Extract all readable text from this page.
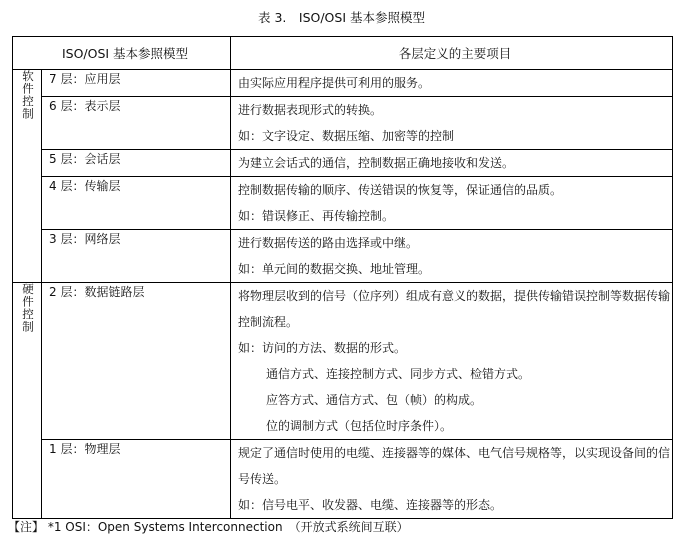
表 3.　ISO/OSI 基本参照模型
ISO/OSI 基本参照模型		各层定义的主要项目
软件控制	7 层：应用层	由实际应用程序提供可利用的服务。

	6 层：表示层	进行数据表现形式的转换。
如：文字设定、数据压缩、加密等的控制

	5 层：会话层	为建立会话式的通信，控制数据正确地接收和发送。

	4 层：传输层	控制数据传输的顺序、传送错误的恢复等，保证通信的品质。
如：错误修正、再传输控制。

	3 层：网络层	进行数据传送的路由选择或中继。
如：单元间的数据交换、地址管理。

硬件控制	2 层：数据链路层	将物理层收到的信号（位序列）组成有意义的数据，提供传输错误控制等数据传输控制流程。
如：访问的方法、数据的形式。
通信方式、连接控制方式、同步方式、检错方式。
应答方式、通信方式、包（帧）的构成。
位的调制方式（包括位时序条件）。

	1 层：物理层	规定了通信时使用的电缆、连接器等的媒体、电气信号规格等，以实现设备间的信号传送。
如：信号电平、收发器、电缆、连接器等的形态。
【注】 *1 OSI：Open Systems Interconnection　（开放式系统间互联）
